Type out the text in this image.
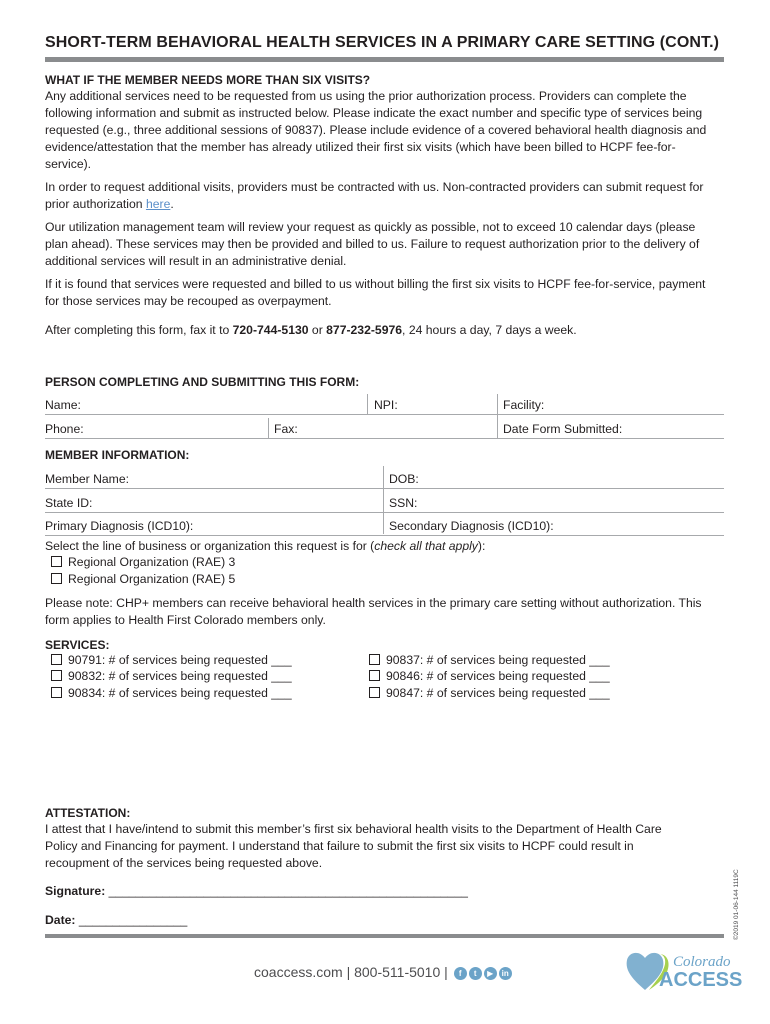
SHORT-TERM BEHAVIORAL HEALTH SERVICES IN A PRIMARY CARE SETTING (CONT.)
WHAT IF THE MEMBER NEEDS MORE THAN SIX VISITS?
Any additional services need to be requested from us using the prior authorization process. Providers can complete the following information and submit as instructed below. Please indicate the exact number and specific type of services being requested (e.g., three additional sessions of 90837). Please include evidence of a covered behavioral health diagnosis and evidence/attestation that the member has already utilized their first six visits (which have been billed to HCPF fee-for-service).
In order to request additional visits, providers must be contracted with us. Non-contracted providers can submit request for prior authorization here.
Our utilization management team will review your request as quickly as possible, not to exceed 10 calendar days (please plan ahead). These services may then be provided and billed to us. Failure to request authorization prior to the delivery of additional services will result in an administrative denial.
If it is found that services were requested and billed to us without billing the first six visits to HCPF fee-for-service, payment for those services may be recouped as overpayment.
After completing this form, fax it to 720-744-5130 or 877-232-5976, 24 hours a day, 7 days a week.
PERSON COMPLETING AND SUBMITTING THIS FORM:
Name:	NPI:	Facility:
Phone:	Fax:	Date Form Submitted:
MEMBER INFORMATION:
Member Name:	DOB:
State ID:	SSN:
Primary Diagnosis (ICD10):	Secondary Diagnosis (ICD10):
Select the line of business or organization this request is for (check all that apply):
Regional Organization (RAE) 3
Regional Organization (RAE) 5
Please note: CHP+ members can receive behavioral health services in the primary care setting without authorization. This form applies to Health First Colorado members only.
SERVICES:
90791: # of services being requested ___
90832: # of services being requested ___
90834: # of services being requested ___
90837: # of services being requested ___
90846: # of services being requested ___
90847: # of services being requested ___
ATTESTATION:
I attest that I have/intend to submit this member’s first six behavioral health visits to the Department of Health Care Policy and Financing for payment. I understand that failure to submit the first six visits to HCPF could result in recoupment of the services being requested above.
Signature: _____________________________________________________
Date: ________________	©2019 01-06-144 1119C
coaccess.com | 800-511-5010 | f t ▶ in
Colorado
ACCESS
